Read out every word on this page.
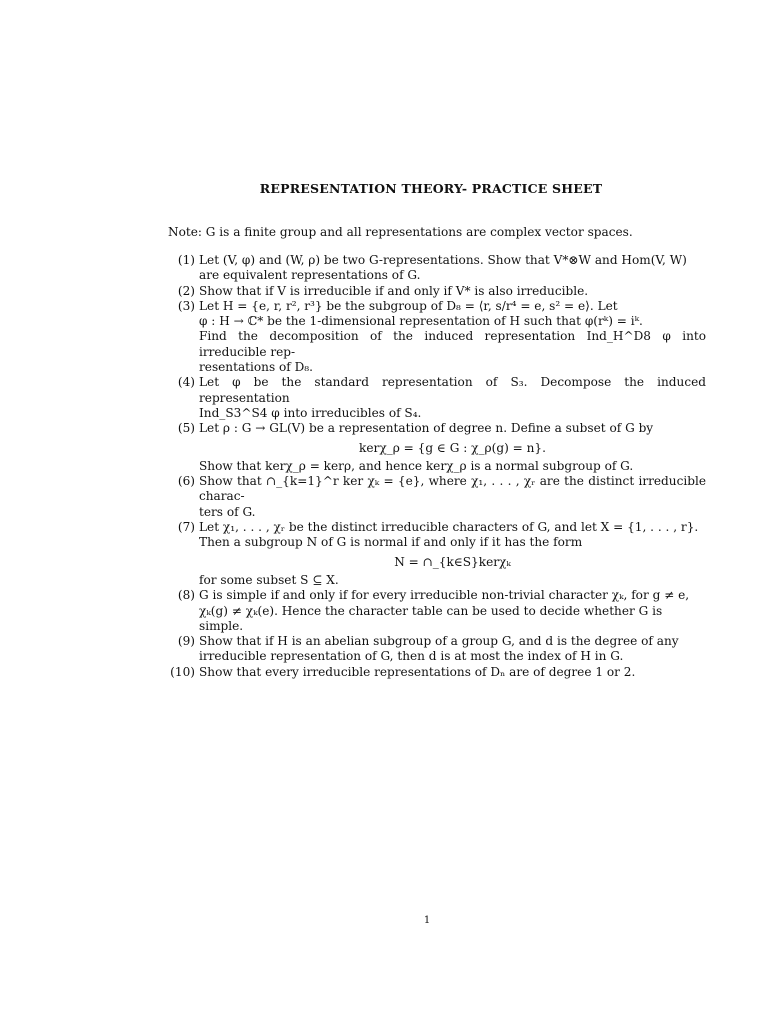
REPRESENTATION THEORY- PRACTICE SHEET
Note: G is a finite group and all representations are complex vector spaces.
(1) Let (V, φ) and (W, ρ) be two G-representations. Show that V*⊗W and Hom(V, W)
are equivalent representations of G.
(2) Show that if V is irreducible if and only if V* is also irreducible.
(3) Let H = {e, r, r², r³} be the subgroup of D₈ = ⟨r, s/r⁴ = e, s² = e⟩. Let
φ : H → ℂ* be the 1-dimensional representation of H such that φ(rᵏ) = iᵏ.
Find the decomposition of the induced representation Ind_H^D8 φ into irreducible rep-
resentations of D₈.
(4) Let φ be the standard representation of S₃. Decompose the induced representation
Ind_S3^S4 φ into irreducibles of S₄.
(5) Let ρ : G → GL(V) be a representation of degree n. Define a subset of G by
kerχ_ρ = {g ∈ G : χ_ρ(g) = n}.
Show that kerχ_ρ = kerρ, and hence kerχ_ρ is a normal subgroup of G.
(6) Show that ∩_{k=1}^r ker χₖ = {e}, where χ₁, . . . , χᵣ are the distinct irreducible charac-
ters of G.
(7) Let χ₁, . . . , χᵣ be the distinct irreducible characters of G, and let X = {1, . . . , r}.
Then a subgroup N of G is normal if and only if it has the form
N = ∩_{k∈S}kerχₖ
for some subset S ⊆ X.
(8) G is simple if and only if for every irreducible non-trivial character χₖ, for g ≠ e,
χₖ(g) ≠ χₖ(e). Hence the character table can be used to decide whether G is
simple.
(9) Show that if H is an abelian subgroup of a group G, and d is the degree of any
irreducible representation of G, then d is at most the index of H in G.
(10) Show that every irreducible representations of Dₙ are of degree 1 or 2.
1
